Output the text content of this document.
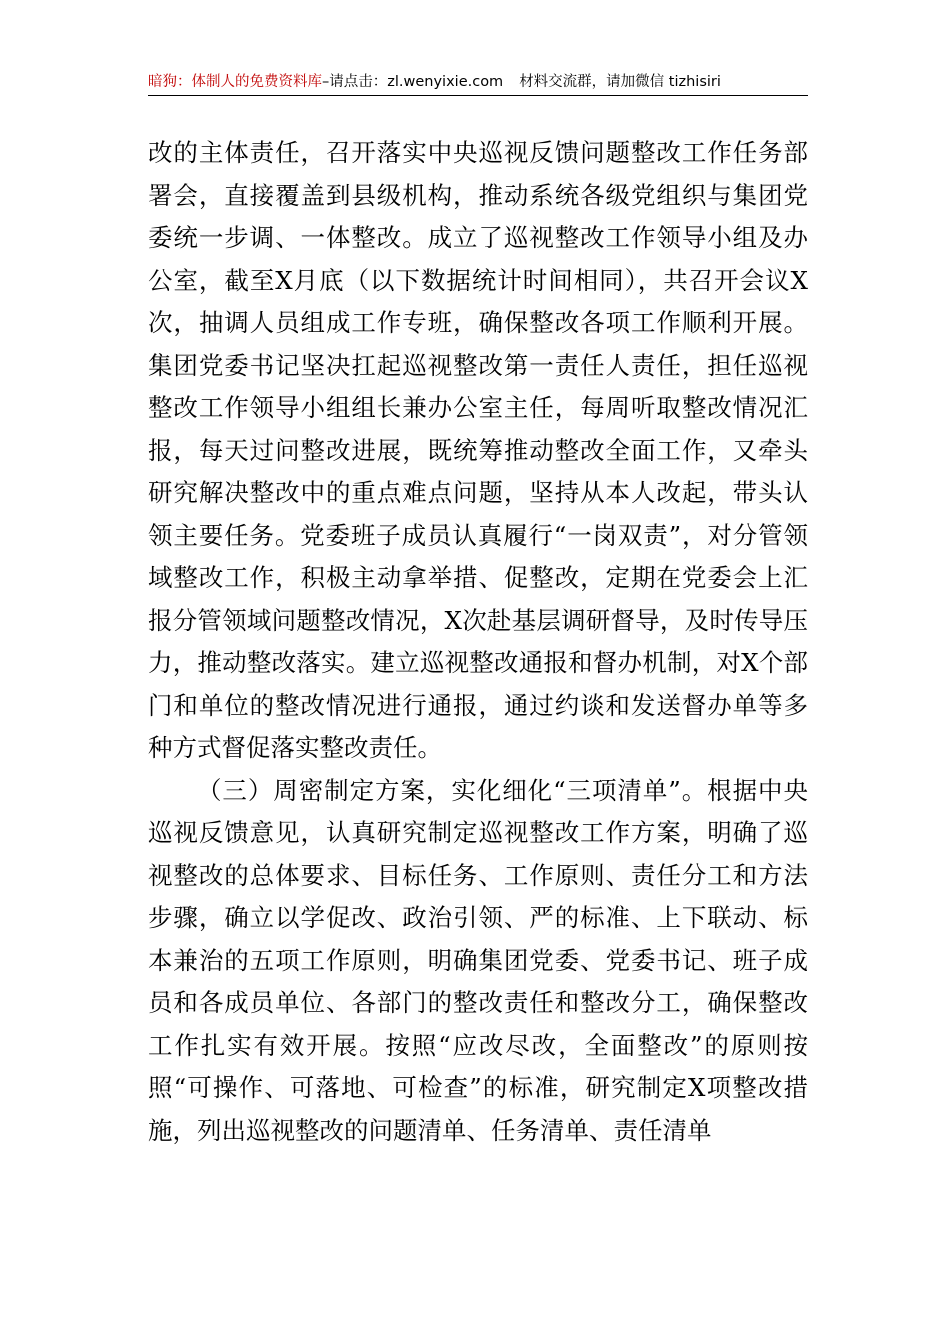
暗狗：体制人的免费资料库–请点击：zl.wenyixie.com 材料交流群，请加微信 tizhisiri

改的主体责任，召开落实中央巡视反馈问题整改工作任务部署会，直接覆盖到县级机构，推动系统各级党组织与集团党委统一步调、一体整改。成立了巡视整改工作领导小组及办公室，截至X月底（以下数据统计时间相同），共召开会议X次，抽调人员组成工作专班，确保整改各项工作顺利开展。集团党委书记坚决扛起巡视整改第一责任人责任，担任巡视整改工作领导小组组长兼办公室主任，每周听取整改情况汇报，每天过问整改进展，既统筹推动整改全面工作，又牵头研究解决整改中的重点难点问题，坚持从本人改起，带头认领主要任务。党委班子成员认真履行“一岗双责”，对分管领域整改工作，积极主动拿举措、促整改，定期在党委会上汇报分管领域问题整改情况，X次赴基层调研督导，及时传导压力，推动整改落实。建立巡视整改通报和督办机制，对X个部门和单位的整改情况进行通报，通过约谈和发送督办单等多种方式督促落实整改责任。

（三）周密制定方案，实化细化“三项清单”。根据中央巡视反馈意见，认真研究制定巡视整改工作方案，明确了巡视整改的总体要求、目标任务、工作原则、责任分工和方法步骤，确立以学促改、政治引领、严的标准、上下联动、标本兼治的五项工作原则，明确集团党委、党委书记、班子成员和各成员单位、各部门的整改责任和整改分工，确保整改工作扎实有效开展。按照“应改尽改，全面整改”的原则按照“可操作、可落地、可检查”的标准，研究制定X项整改措施，列出巡视整改的问题清单、任务清单、责任清单
